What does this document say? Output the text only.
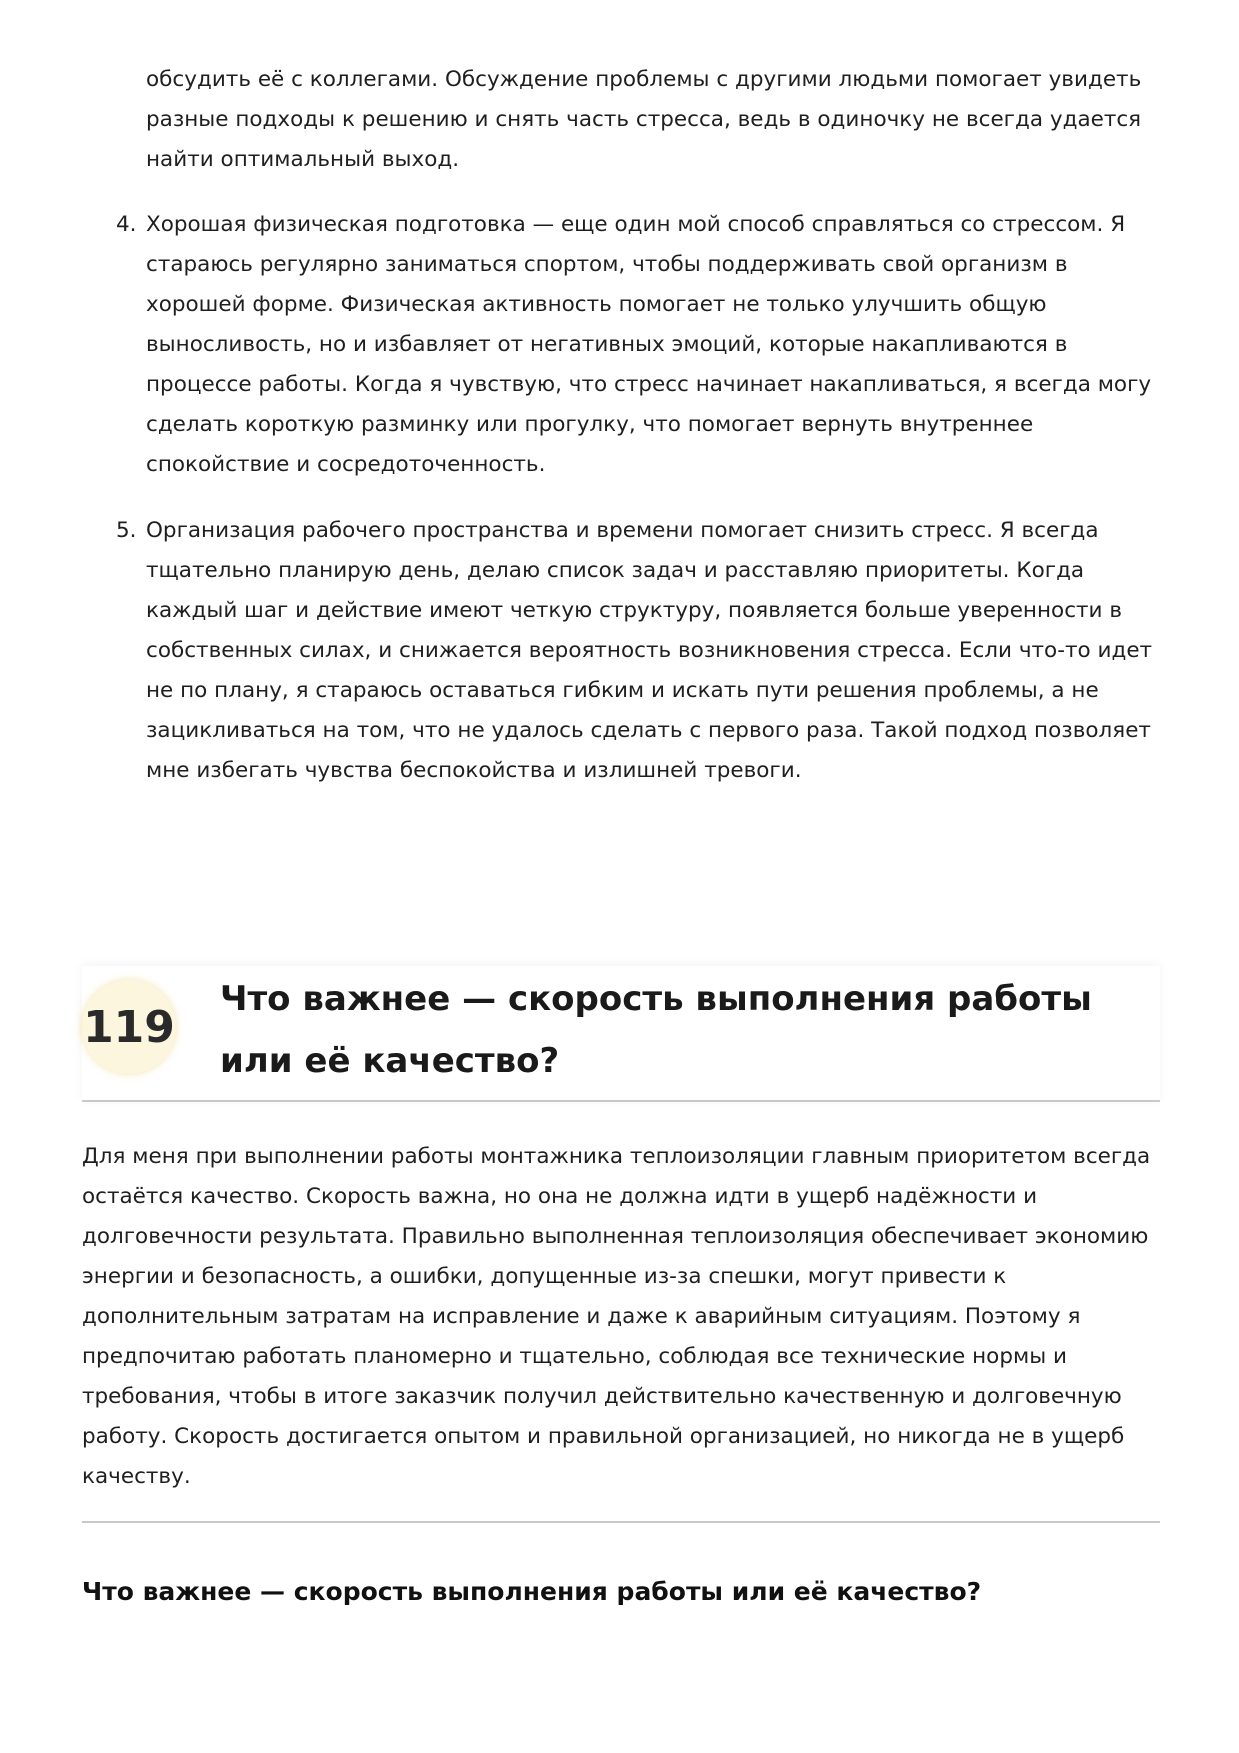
обсудить её с коллегами. Обсуждение проблемы с другими людьми помогает увидеть разные подходы к решению и снять часть стресса, ведь в одиночку не всегда удается найти оптимальный выход.

4. Хорошая физическая подготовка — еще один мой способ справляться со стрессом. Я стараюсь регулярно заниматься спортом, чтобы поддерживать свой организм в хорошей форме. Физическая активность помогает не только улучшить общую выносливость, но и избавляет от негативных эмоций, которые накапливаются в процессе работы. Когда я чувствую, что стресс начинает накапливаться, я всегда могу сделать короткую разминку или прогулку, что помогает вернуть внутреннее спокойствие и сосредоточенность.
5. Организация рабочего пространства и времени помогает снизить стресс. Я всегда тщательно планирую день, делаю список задач и расставляю приоритеты. Когда каждый шаг и действие имеют четкую структуру, появляется больше уверенности в собственных силах, и снижается вероятность возникновения стресса. Если что-то идет не по плану, я стараюсь оставаться гибким и искать пути решения проблемы, а не зацикливаться на том, что не удалось сделать с первого раза. Такой подход позволяет мне избегать чувства беспокойства и излишней тревоги.
119
Что важнее — скорость выполнения работы или её качество?

Для меня при выполнении работы монтажника теплоизоляции главным приоритетом всегда остаётся качество. Скорость важна, но она не должна идти в ущерб надёжности и долговечности результата. Правильно выполненная теплоизоляция обеспечивает экономию энергии и безопасность, а ошибки, допущенные из-за спешки, могут привести к дополнительным затратам на исправление и даже к аварийным ситуациям. Поэтому я предпочитаю работать планомерно и тщательно, соблюдая все технические нормы и требования, чтобы в итоге заказчик получил действительно качественную и долговечную работу. Скорость достигается опытом и правильной организацией, но никогда не в ущерб качеству.

Что важнее — скорость выполнения работы или её качество?
